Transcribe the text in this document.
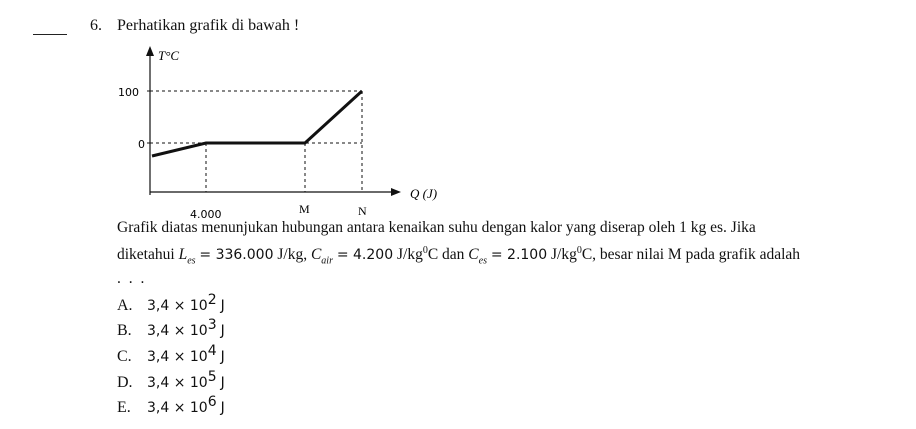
6. Perhatikan grafik di bawah !
T°C
Q (J)
100
0
4.000	M	N
Grafik diatas menunjukan hubungan antara kenaikan suhu dengan kalor yang diserap oleh 1 kg es. Jika
diketahui $L_{es} = 336.000$ J/kg, $C_{air} = 4.200$ $J/kg^0C$ dan $C_{es} = 2.100$ $J/kg^0C$, besar nilai M pada grafik adalah
. . .
A. $3,4 \times 10^2$ J
B. $3,4 \times 10^3$ J
C. $3,4 \times 10^4$ J
D. $3,4 \times 10^5$ J
E. $3,4 \times 10^6$ J
